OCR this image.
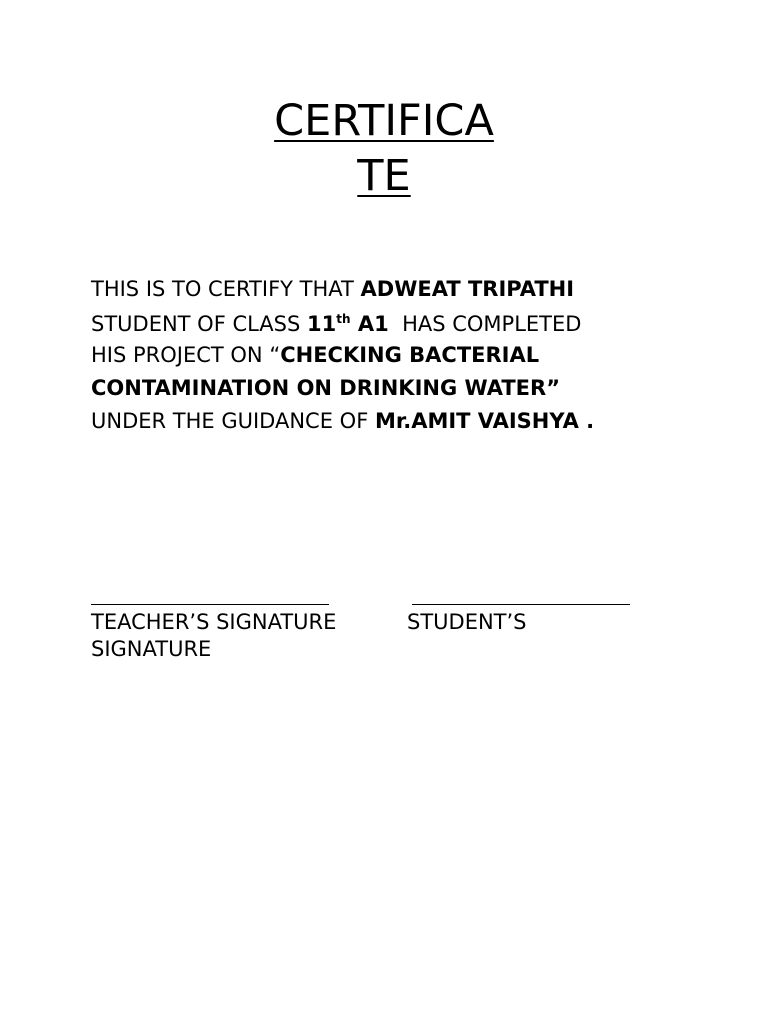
CERTIFICA
TE
THIS IS TO CERTIFY THAT ADWEAT TRIPATHI
STUDENT OF CLASS 11th A1  HAS COMPLETED
HIS PROJECT ON “CHECKING BACTERIAL
CONTAMINATION ON DRINKING WATER”
UNDER THE GUIDANCE OF Mr.AMIT VAISHYA .
TEACHER’S SIGNATURE	STUDENT’S
SIGNATURE
